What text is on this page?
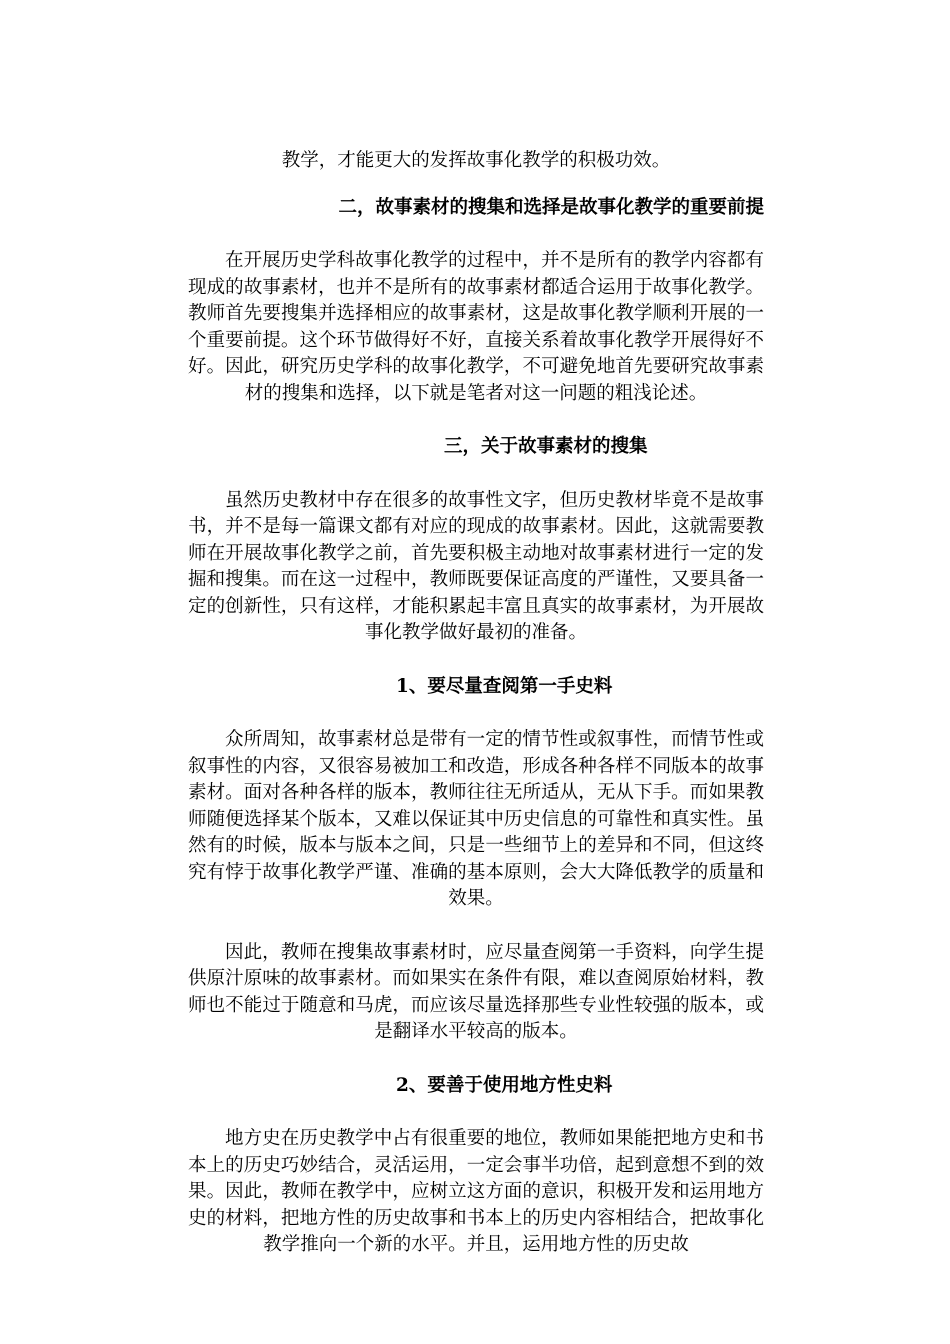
教学，才能更大的发挥故事化教学的积极功效。

二，故事素材的搜集和选择是故事化教学的重要前提

在开展历史学科故事化教学的过程中，并不是所有的教学内容都有现成的故事素材，也并不是所有的故事素材都适合运用于故事化教学。教师首先要搜集并选择相应的故事素材，这是故事化教学顺利开展的一个重要前提。这个环节做得好不好，直接关系着故事化教学开展得好不好。因此，研究历史学科的故事化教学，不可避免地首先要研究故事素材的搜集和选择，以下就是笔者对这一问题的粗浅论述。

三，关于故事素材的搜集

虽然历史教材中存在很多的故事性文字，但历史教材毕竟不是故事书，并不是每一篇课文都有对应的现成的故事素材。因此，这就需要教师在开展故事化教学之前，首先要积极主动地对故事素材进行一定的发掘和搜集。而在这一过程中，教师既要保证高度的严谨性，又要具备一定的创新性，只有这样，才能积累起丰富且真实的故事素材，为开展故事化教学做好最初的准备。

1、要尽量查阅第一手史料

众所周知，故事素材总是带有一定的情节性或叙事性，而情节性或叙事性的内容，又很容易被加工和改造，形成各种各样不同版本的故事素材。面对各种各样的版本，教师往往无所适从，无从下手。而如果教师随便选择某个版本，又难以保证其中历史信息的可靠性和真实性。虽然有的时候，版本与版本之间，只是一些细节上的差异和不同，但这终究有悖于故事化教学严谨、准确的基本原则，会大大降低教学的质量和效果。

因此，教师在搜集故事素材时，应尽量查阅第一手资料，向学生提供原汁原味的故事素材。而如果实在条件有限，难以查阅原始材料，教师也不能过于随意和马虎，而应该尽量选择那些专业性较强的版本，或是翻译水平较高的版本。

2、要善于使用地方性史料

地方史在历史教学中占有很重要的地位，教师如果能把地方史和书本上的历史巧妙结合，灵活运用，一定会事半功倍，起到意想不到的效果。因此，教师在教学中，应树立这方面的意识，积极开发和运用地方史的材料，把地方性的历史故事和书本上的历史内容相结合，把故事化教学推向一个新的水平。并且，运用地方性的历史故
